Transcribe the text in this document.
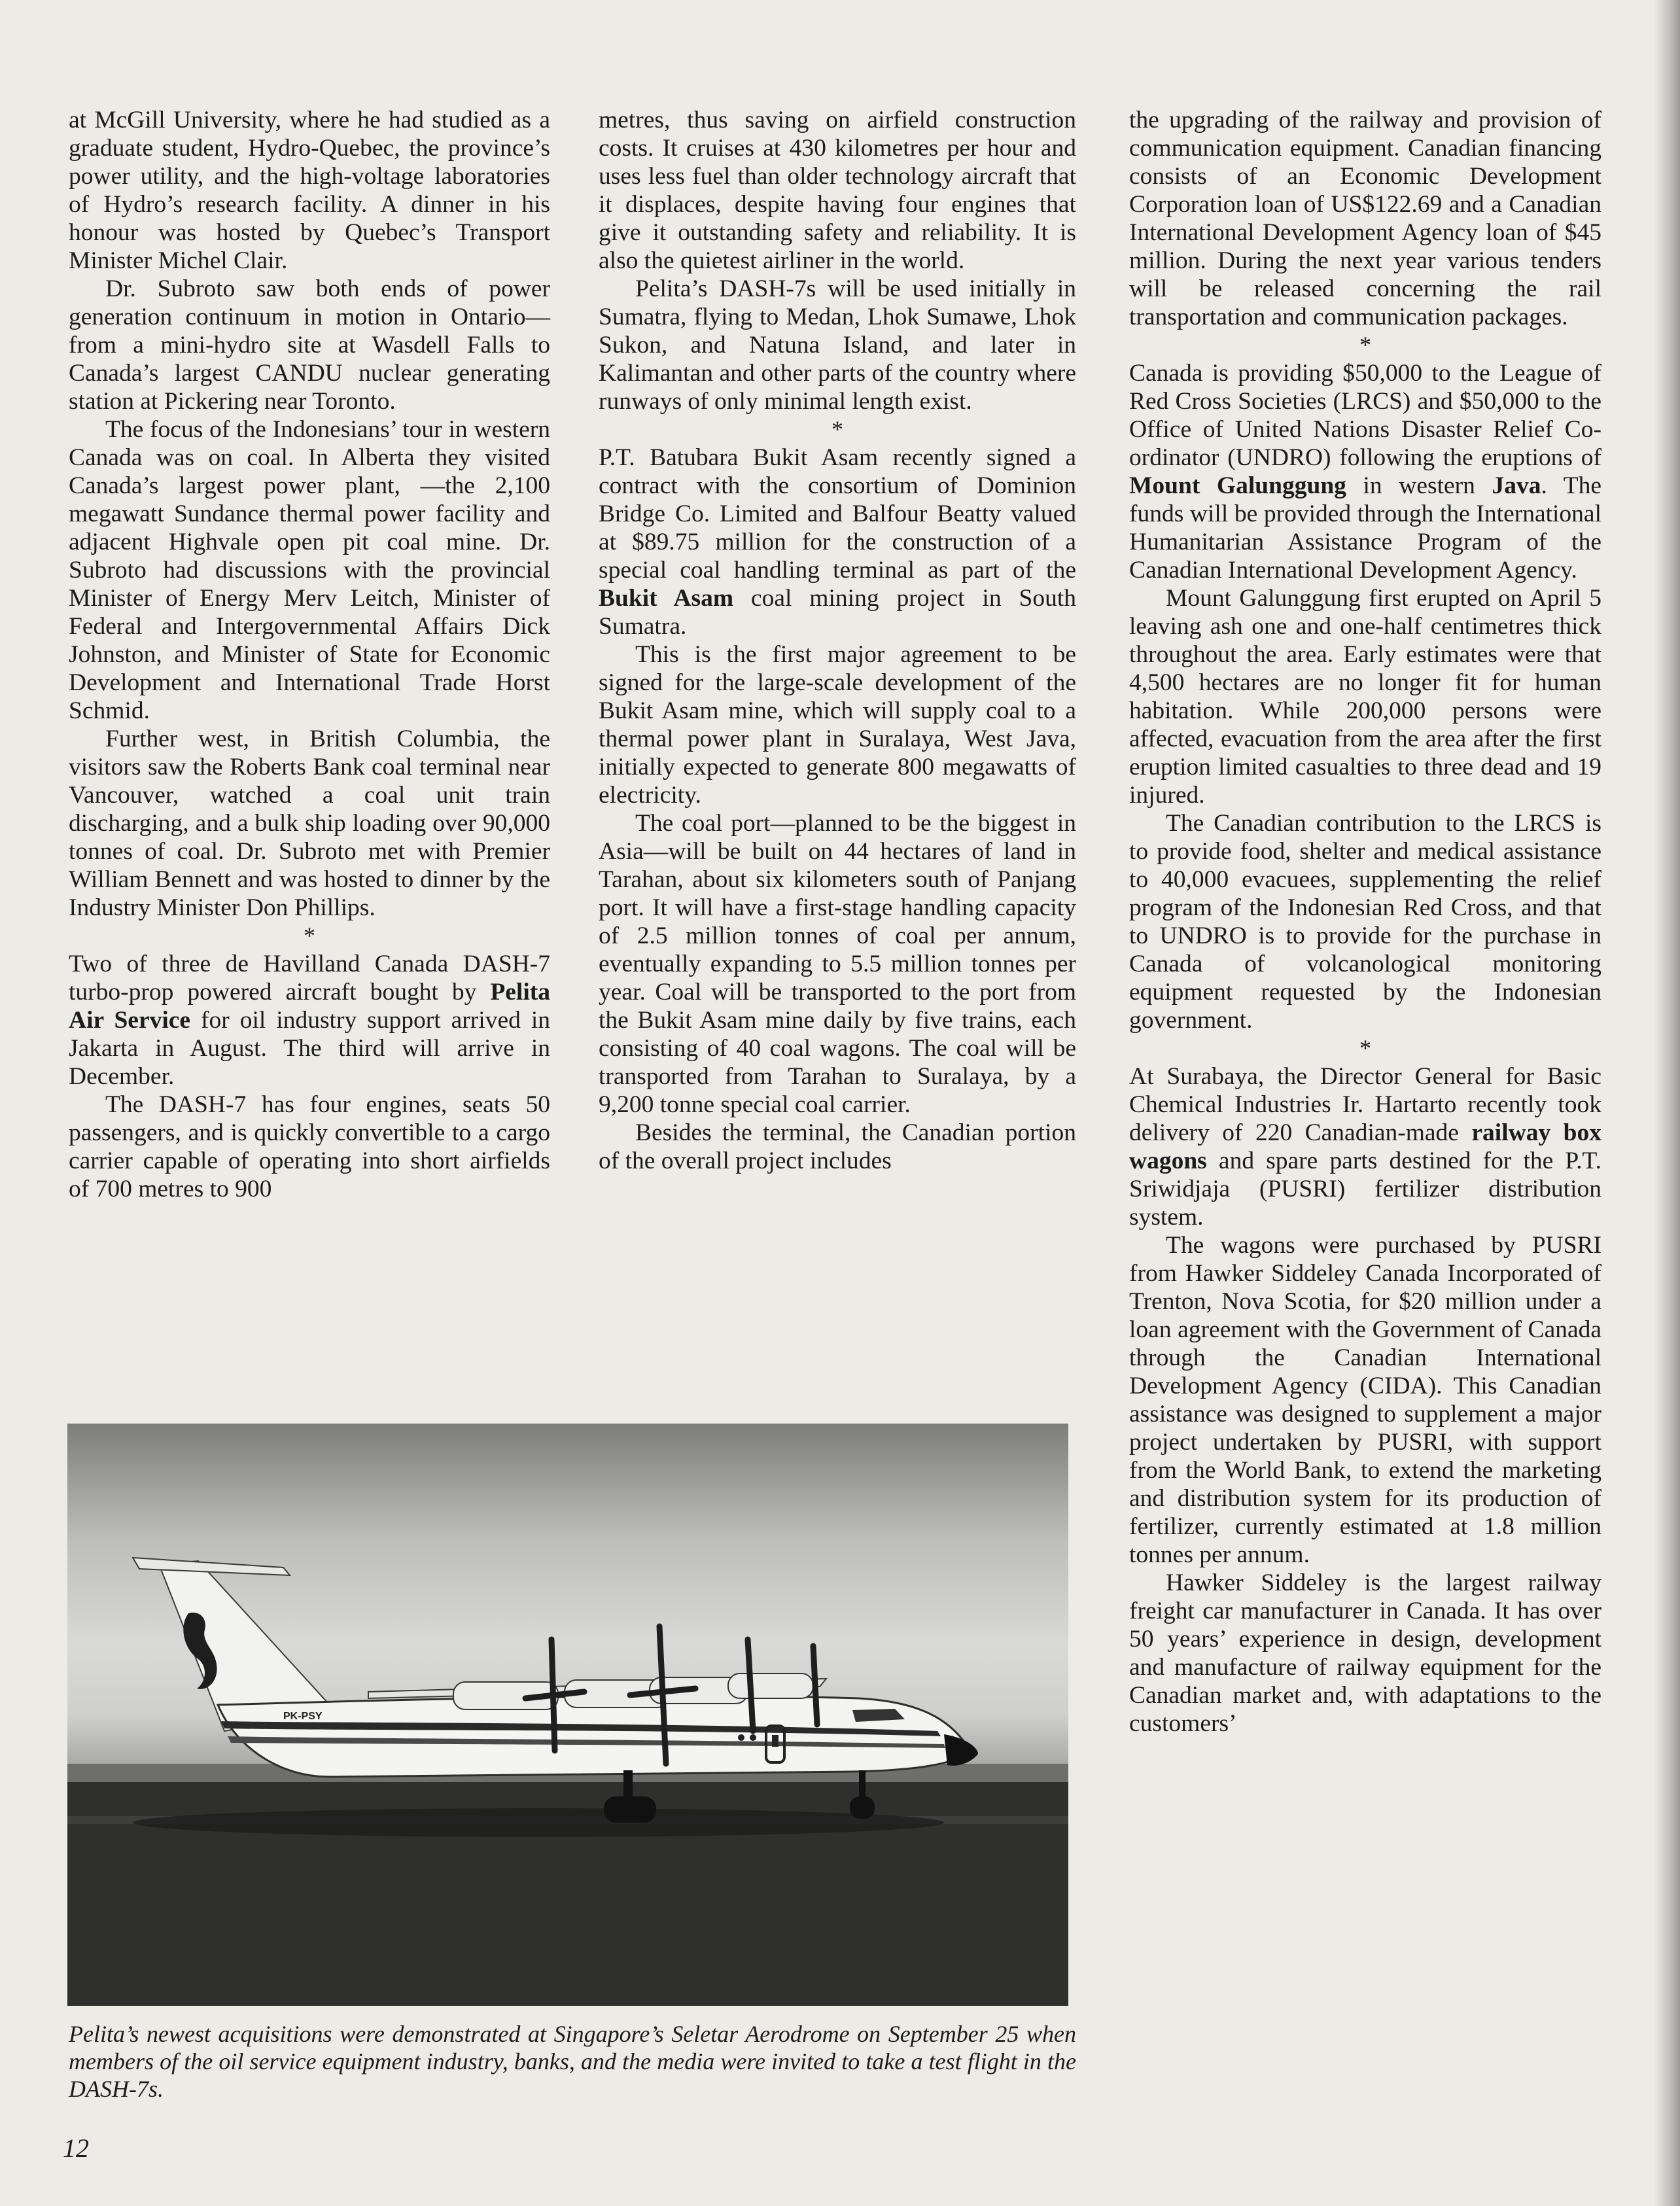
at McGill University, where he had studied as a graduate student, Hydro-Quebec, the province’s power utility, and the high-voltage laboratories of Hydro’s research facility. A dinner in his honour was hosted by Quebec’s Transport Minister Michel Clair.

Dr. Subroto saw both ends of power generation continuum in motion in Ontario—from a mini-hydro site at Wasdell Falls to Canada’s largest CANDU nuclear generating station at Pickering near Toronto.

The focus of the Indonesians’ tour in western Canada was on coal. In Alberta they visited Canada’s largest power plant, —the 2,100 megawatt Sundance thermal power facility and adjacent Highvale open pit coal mine. Dr. Subroto had discussions with the provincial Minister of Energy Merv Leitch, Minister of Federal and Intergovernmental Affairs Dick Johnston, and Minister of State for Economic Development and International Trade Horst Schmid.

Further west, in British Columbia, the visitors saw the Roberts Bank coal terminal near Vancouver, watched a coal unit train discharging, and a bulk ship loading over 90,000 tonnes of coal. Dr. Subroto met with Premier William Bennett and was hosted to dinner by the Industry Minister Don Phillips.

*

Two of three de Havilland Canada DASH-7 turbo-prop powered aircraft bought by Pelita Air Service for oil industry support arrived in Jakarta in August. The third will arrive in December.

The DASH-7 has four engines, seats 50 passengers, and is quickly convertible to a cargo carrier capable of operating into short airfields of 700 metres to 900

metres, thus saving on airfield construction costs. It cruises at 430 kilometres per hour and uses less fuel than older technology aircraft that it displaces, despite having four engines that give it outstanding safety and reliability. It is also the quietest airliner in the world.

Pelita’s DASH-7s will be used initially in Sumatra, flying to Medan, Lhok Sumawe, Lhok Sukon, and Natuna Island, and later in Kalimantan and other parts of the country where runways of only minimal length exist.

*

P.T. Batubara Bukit Asam recently signed a contract with the consortium of Dominion Bridge Co. Limited and Balfour Beatty valued at $89.75 million for the construction of a special coal handling terminal as part of the Bukit Asam coal mining project in South Sumatra.

This is the first major agreement to be signed for the large-scale development of the Bukit Asam mine, which will supply coal to a thermal power plant in Suralaya, West Java, initially expected to generate 800 megawatts of electricity.

The coal port—planned to be the biggest in Asia—will be built on 44 hectares of land in Tarahan, about six kilometers south of Panjang port. It will have a first-stage handling capacity of 2.5 million tonnes of coal per annum, eventually expanding to 5.5 million tonnes per year. Coal will be transported to the port from the Bukit Asam mine daily by five trains, each consisting of 40 coal wagons. The coal will be transported from Tarahan to Suralaya, by a 9,200 tonne special coal carrier.

Besides the terminal, the Canadian portion of the overall project includes

the upgrading of the railway and provision of communication equipment. Canadian financing consists of an Economic Development Corporation loan of US$122.69 and a Canadian International Development Agency loan of $45 million. During the next year various tenders will be released concerning the rail transportation and communication packages.

*

Canada is providing $50,000 to the League of Red Cross Societies (LRCS) and $50,000 to the Office of United Nations Disaster Relief Co-ordinator (UNDRO) following the eruptions of Mount Galunggung in western Java. The funds will be provided through the International Humanitarian Assistance Program of the Canadian International Development Agency.

Mount Galunggung first erupted on April 5 leaving ash one and one-half centimetres thick throughout the area. Early estimates were that 4,500 hectares are no longer fit for human habitation. While 200,000 persons were affected, evacuation from the area after the first eruption limited casualties to three dead and 19 injured.

The Canadian contribution to the LRCS is to provide food, shelter and medical assistance to 40,000 evacuees, supplementing the relief program of the Indonesian Red Cross, and that to UNDRO is to provide for the purchase in Canada of volcanological monitoring equipment requested by the Indonesian government.

*

At Surabaya, the Director General for Basic Chemical Industries Ir. Hartarto recently took delivery of 220 Canadian-made railway box wagons and spare parts destined for the P.T. Sriwidjaja (PUSRI) fertilizer distribution system.

The wagons were purchased by PUSRI from Hawker Siddeley Canada Incorporated of Trenton, Nova Scotia, for $20 million under a loan agreement with the Government of Canada through the Canadian International Development Agency (CIDA). This Canadian assistance was designed to supplement a major project undertaken by PUSRI, with support from the World Bank, to extend the marketing and distribution system for its production of fertilizer, currently estimated at 1.8 million tonnes per annum.

Hawker Siddeley is the largest railway freight car manufacturer in Canada. It has over 50 years’ experience in design, development and manufacture of railway equipment for the Canadian market and, with adaptations to the customers’

PK-PSY
Pelita’s newest acquisitions were demonstrated at Singapore’s Seletar Aerodrome on September 25 when members of the oil service equipment industry, banks, and the media were invited to take a test flight in the DASH-7s.
12
